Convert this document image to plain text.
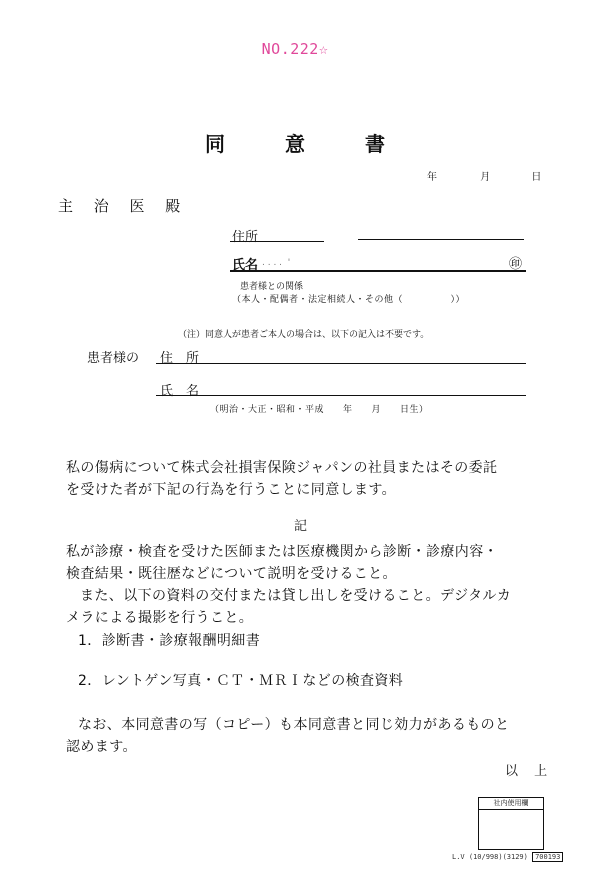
NO.222☆
同意書
年	月	日
主 治 医 殿
住所
氏名 . . . .  '	㊞
患者様との関係
（本人・配偶者・法定相続人・その他（　　　　　））
（注）同意人が患者ご本人の場合は、以下の記入は不要です。
患者様の 住　所
氏　名
（明治・大正・昭和・平成　　年　　月　　日生）
私の傷病について株式会社損害保険ジャパンの社員またはその委託
を受けた者が下記の行為を行うことに同意します。
記
私が診療・検査を受けた医師または医療機関から診断・診療内容・
検査結果・既往歴などについて説明を受けること。
また、以下の資料の交付または貸し出しを受けること。デジタルカ
メラによる撮影を行うこと。
1．診断書・診療報酬明細書
2．レントゲン写真・ＣＴ・ＭＲＩなどの検査資料
なお、本同意書の写（コピー）も本同意書と同じ効力があるものと
認めます。
以 上
社内使用欄
L.V (10/998)(3129) 700193
